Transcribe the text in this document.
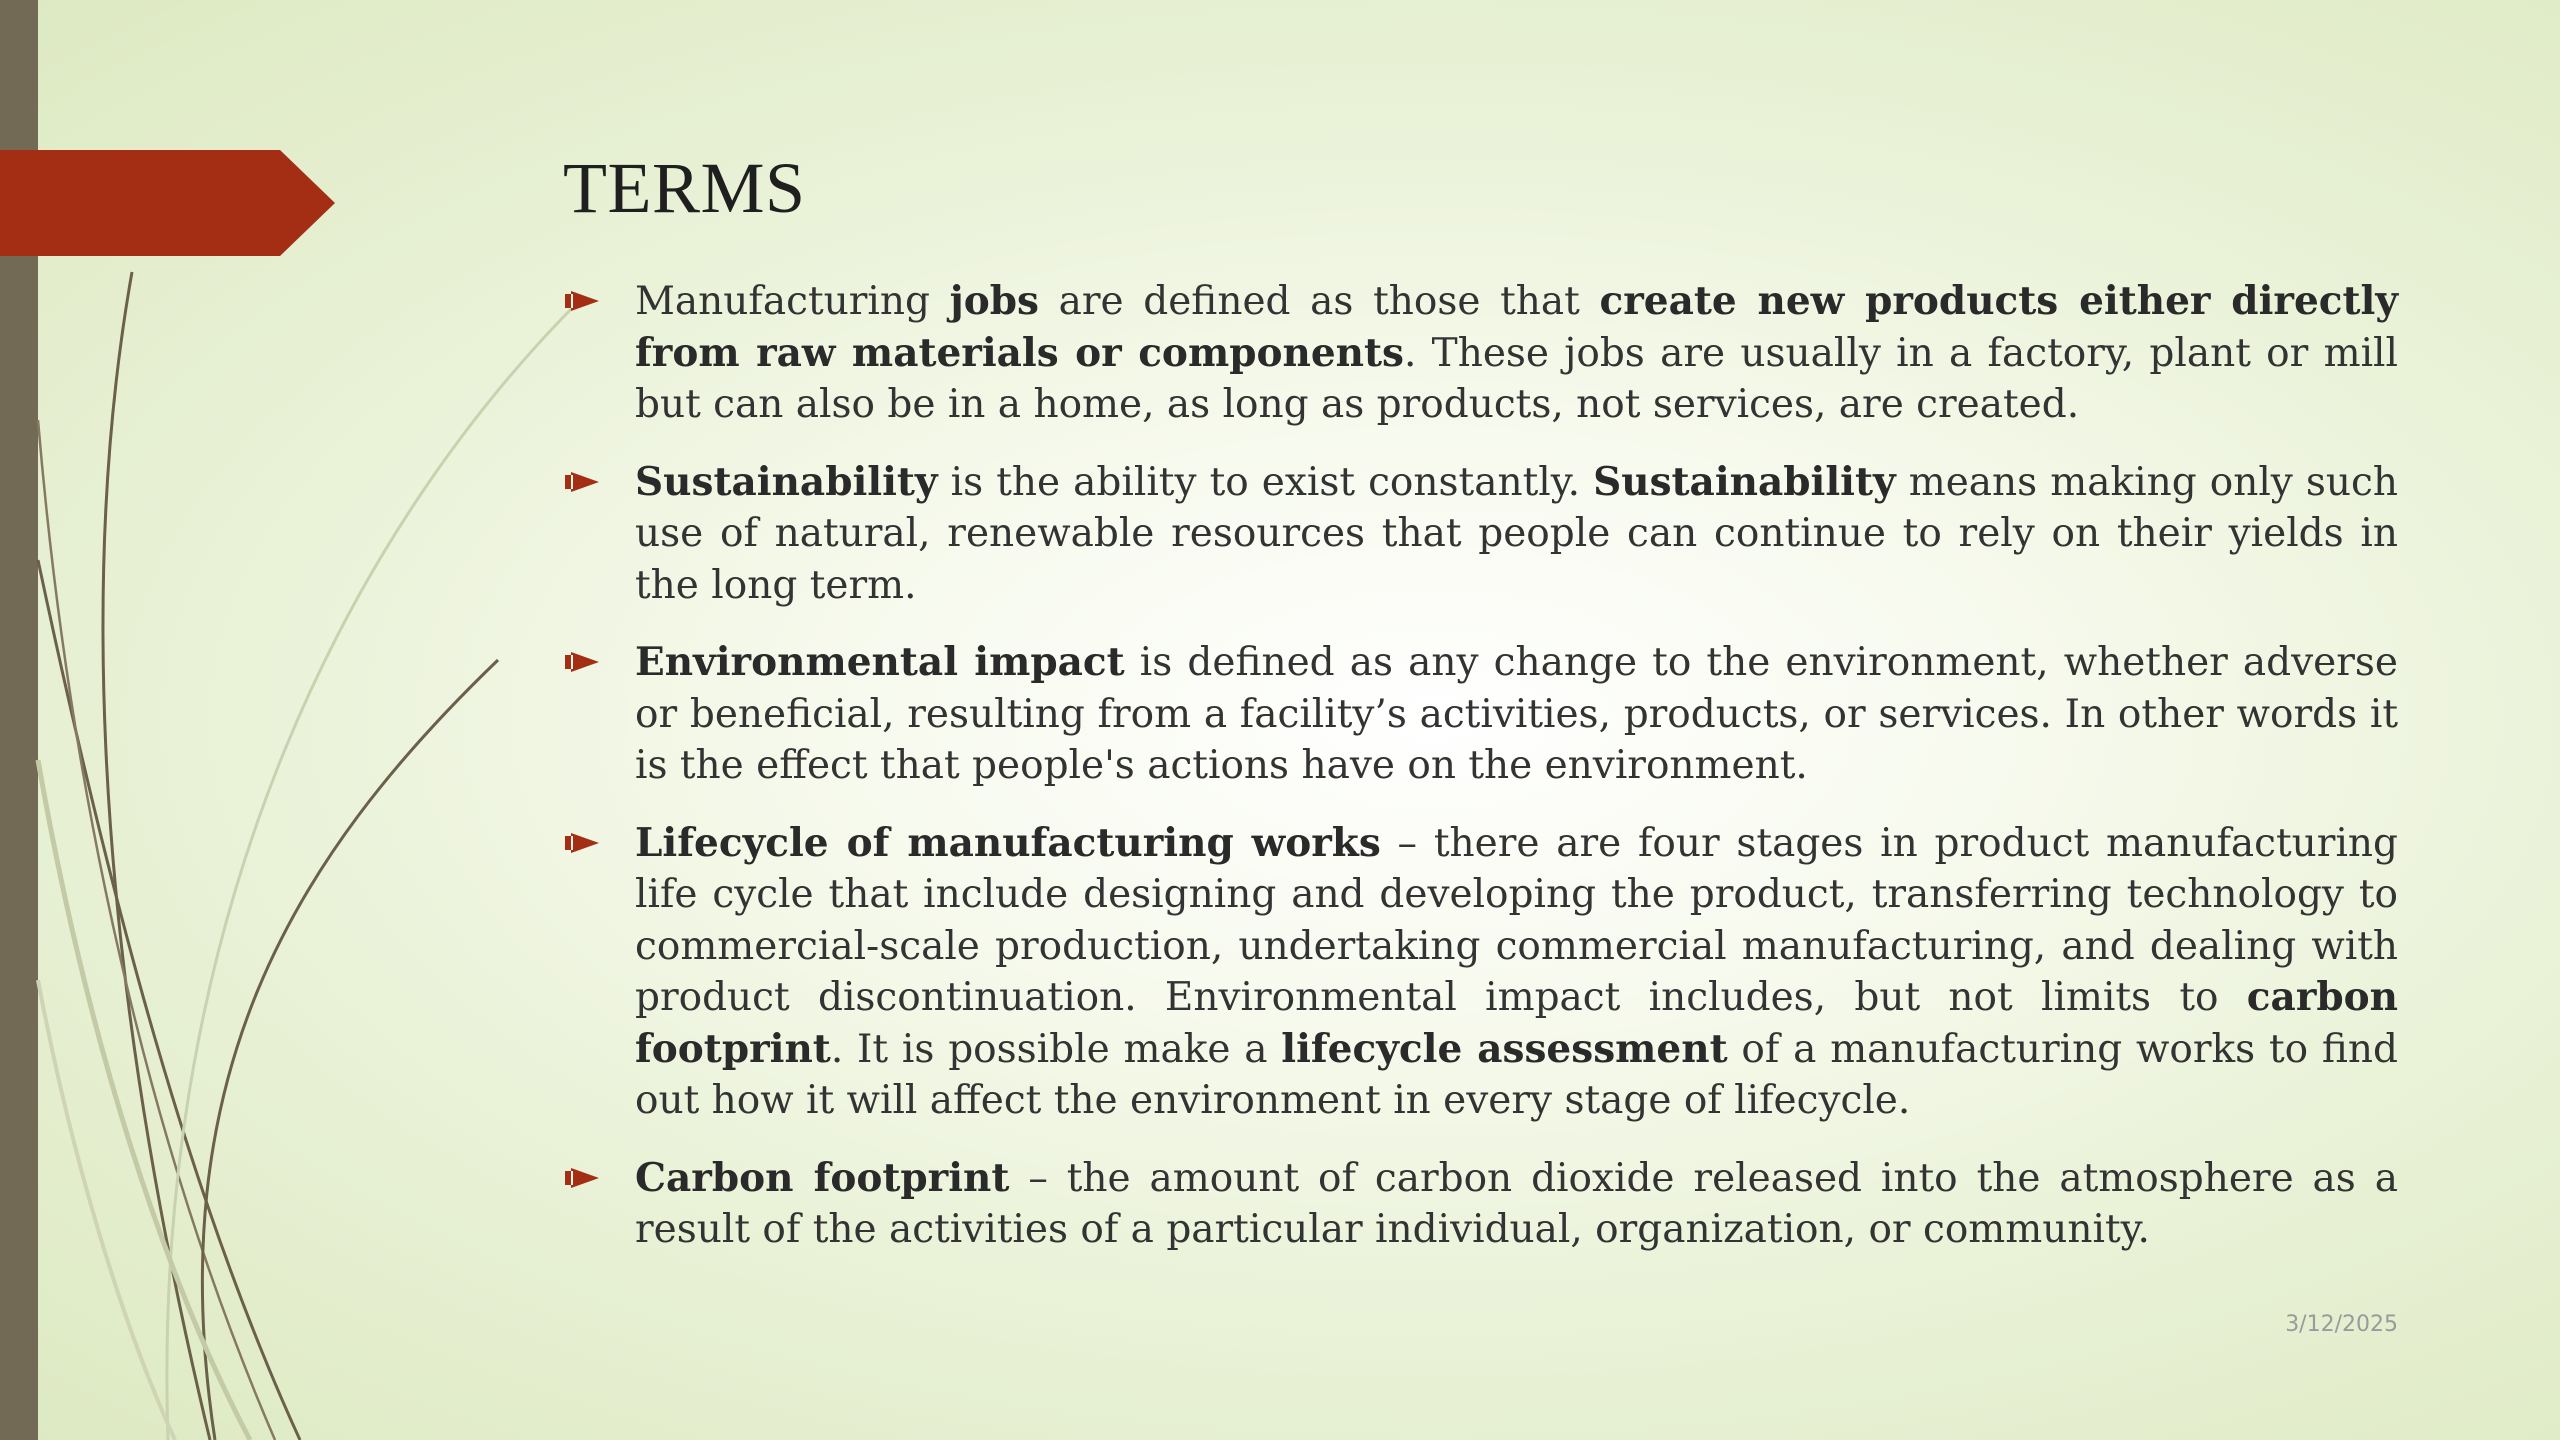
TERMS
Manufacturing jobs are defined as those that create new products either directly from raw materials or components. These jobs are usually in a factory, plant or mill but can also be in a home, as long as products, not services, are created.
Sustainability is the ability to exist constantly. Sustainability means making only such use of natural, renewable resources that people can continue to rely on their yields in the long term.
Environmental impact is defined as any change to the environment, whether adverse or beneficial, resulting from a facility’s activities, products, or services. In other words it is the effect that people's actions have on the environment.
Lifecycle of manufacturing works – there are four stages in product manufacturing life cycle that include designing and developing the product, transferring technology to commercial-scale production, undertaking commercial manufacturing, and dealing with product discontinuation. Environmental impact includes, but not limits to carbon footprint. It is possible make a lifecycle assessment of a manufacturing works to find out how it will affect the environment in every stage of lifecycle.
Carbon footprint – the amount of carbon dioxide released into the atmosphere as a result of the activities of a particular individual, organization, or community.
3/12/2025
